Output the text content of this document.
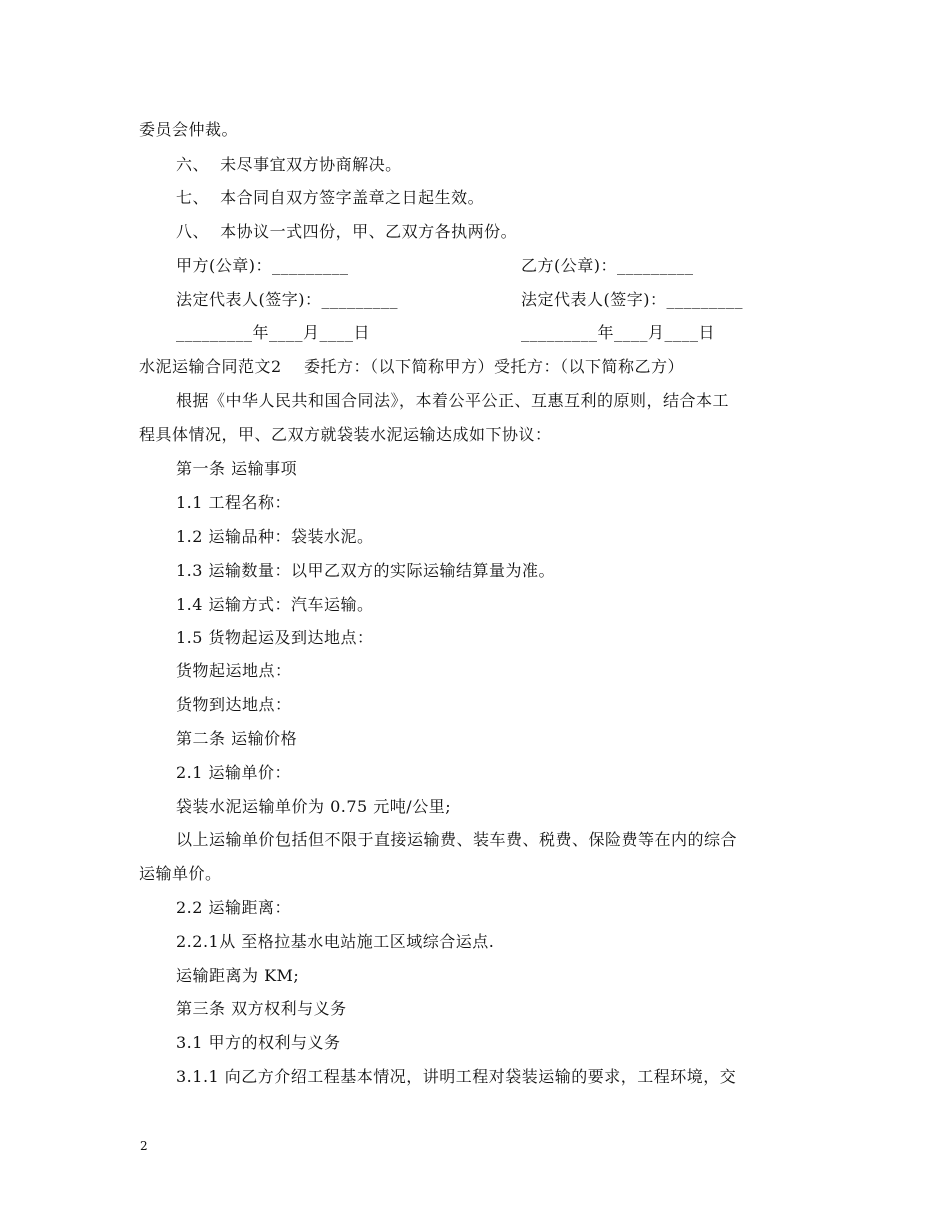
委员会仲裁。
六、  未尽事宜双方协商解决。
七、  本合同自双方签字盖章之日起生效。
八、  本协议一式四份，甲、乙双方各执两份。
甲方(公章)：_________	乙方(公章)：_________
法定代表人(签字)：_________	法定代表人(签字)：_________
_________年____月____日	_________年____月____日
水泥运输合同范文2    委托方：（以下简称甲方）受托方：（以下简称乙方）
根据《中华人民共和国合同法》，本着公平公正、互惠互利的原则，结合本工
程具体情况，甲、乙双方就袋装水泥运输达成如下协议：
第一条 运输事项
1.1 工程名称：
1.2 运输品种：袋装水泥。
1.3 运输数量：以甲乙双方的实际运输结算量为准。
1.4 运输方式：汽车运输。
1.5 货物起运及到达地点：
货物起运地点：
货物到达地点：
第二条 运输价格
2.1 运输单价：
袋装水泥运输单价为 0.75 元吨/公里;
以上运输单价包括但不限于直接运输费、装车费、税费、保险费等在内的综合
运输单价。
2.2 运输距离：
2.2.1从 至格拉基水电站施工区域综合运点.
运输距离为 KM;
第三条 双方权利与义务
3.1 甲方的权利与义务
3.1.1 向乙方介绍工程基本情况，讲明工程对袋装运输的要求，工程环境，交
2
